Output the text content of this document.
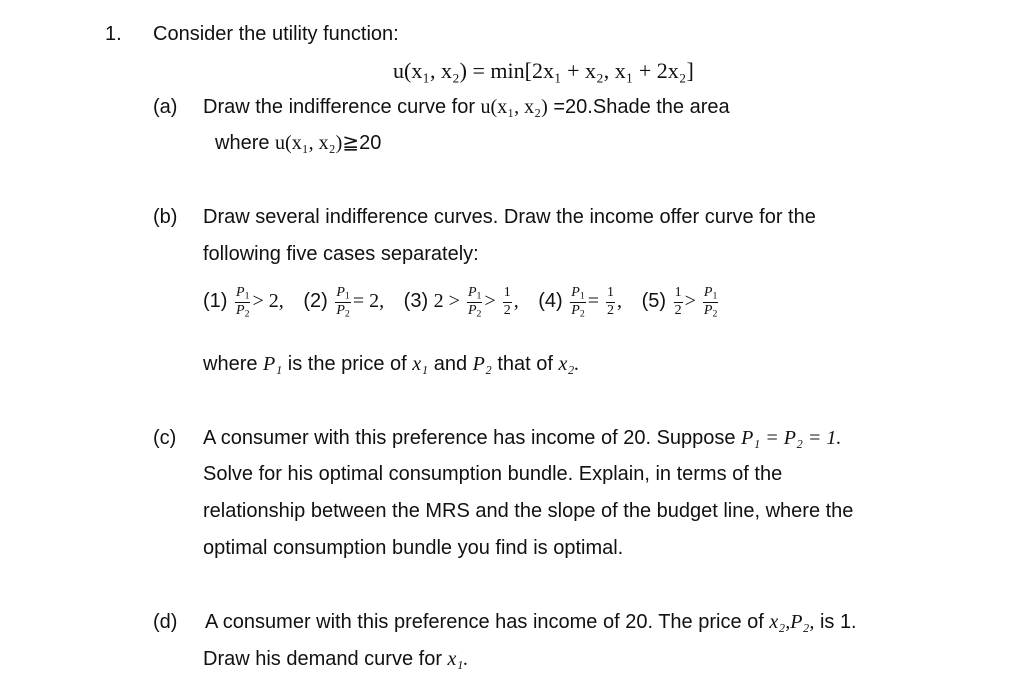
1. Consider the utility function:
u(x₁, x₂) = min[2x₁ + x₂, x₁ + 2x₂]
(a) Draw the indifference curve for u(x₁, x₂) =20.Shade the area
where u(x₁, x₂)≧20
(b) Draw several indifference curves. Draw the income offer curve for the
following five cases separately:
$(1) \frac{P_1}{P_2} > 2$, $(2) \frac{P_1}{P_2} = 2$, (3) $2 > \frac{P_1}{P_2} > \frac{1}{2}$ , $(4) \frac{P_1}{P_2} = \frac{1}{2}$ , $(5) \frac{1}{2} > \frac{P_1}{P_2}$
where P₁ is the price of x₁ and P₂ that of x₂.
(c) A consumer with this preference has income of 20. Suppose P₁ = P₂ = 1.
Solve for his optimal consumption bundle. Explain, in terms of the
relationship between the MRS and the slope of the budget line, where the
optimal consumption bundle you find is optimal.
(d) A consumer with this preference has income of 20. The price of x₂,P₂, is 1.
Draw his demand curve for x₁.
